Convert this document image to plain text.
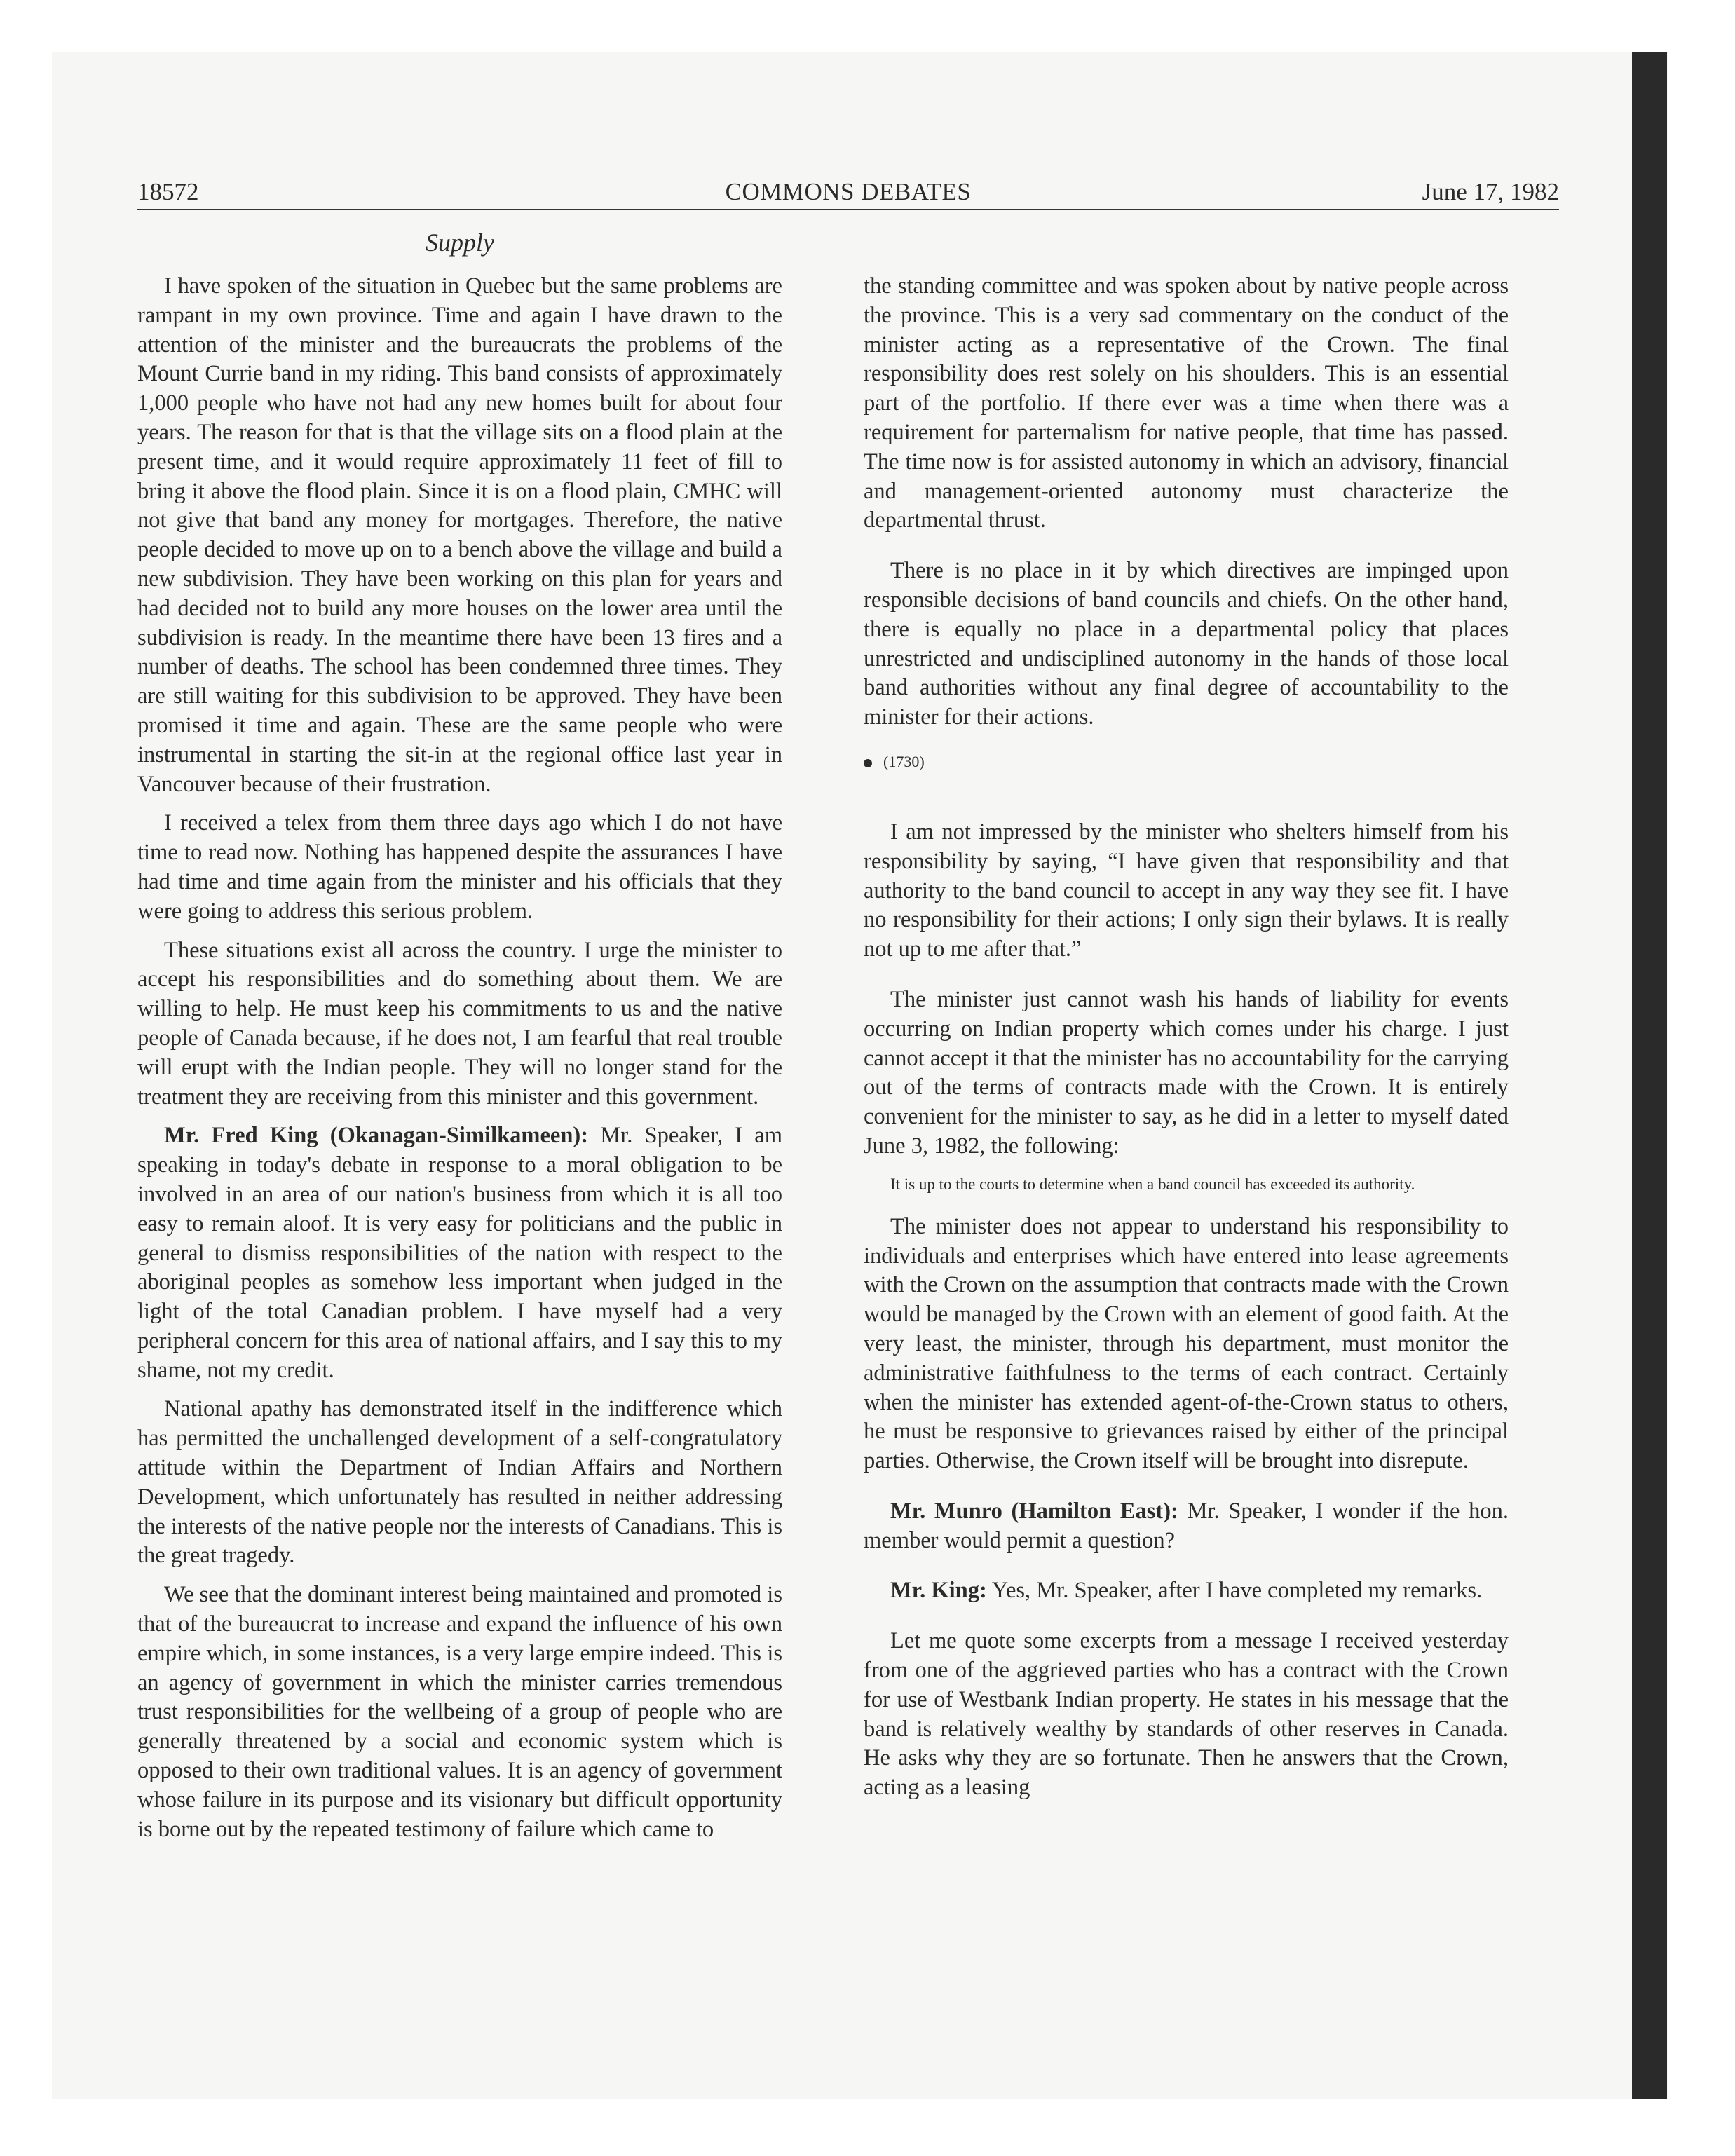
18572	COMMONS DEBATES	June 17, 1982
Supply

I have spoken of the situation in Quebec but the same problems are rampant in my own province. Time and again I have drawn to the attention of the minister and the bureaucrats the problems of the Mount Currie band in my riding. This band consists of approximately 1,000 people who have not had any new homes built for about four years. The reason for that is that the village sits on a flood plain at the present time, and it would require approximately 11 feet of fill to bring it above the flood plain. Since it is on a flood plain, CMHC will not give that band any money for mortgages. Therefore, the native people decided to move up on to a bench above the village and build a new subdivision. They have been working on this plan for years and had decided not to build any more houses on the lower area until the subdivision is ready. In the meantime there have been 13 fires and a number of deaths. The school has been condemned three times. They are still waiting for this subdivision to be approved. They have been promised it time and again. These are the same people who were instrumental in starting the sit-in at the regional office last year in Vancouver because of their frustration.

I received a telex from them three days ago which I do not have time to read now. Nothing has happened despite the assurances I have had time and time again from the minister and his officials that they were going to address this serious problem.

These situations exist all across the country. I urge the minister to accept his responsibilities and do something about them. We are willing to help. He must keep his commitments to us and the native people of Canada because, if he does not, I am fearful that real trouble will erupt with the Indian people. They will no longer stand for the treatment they are receiving from this minister and this government.

Mr. Fred King (Okanagan-Similkameen): Mr. Speaker, I am speaking in today's debate in response to a moral obligation to be involved in an area of our nation's business from which it is all too easy to remain aloof. It is very easy for politicians and the public in general to dismiss responsibilities of the nation with respect to the aboriginal peoples as somehow less important when judged in the light of the total Canadian problem. I have myself had a very peripheral concern for this area of national affairs, and I say this to my shame, not my credit.

National apathy has demonstrated itself in the indifference which has permitted the unchallenged development of a self-congratulatory attitude within the Department of Indian Affairs and Northern Development, which unfortunately has resulted in neither addressing the interests of the native people nor the interests of Canadians. This is the great tragedy.

We see that the dominant interest being maintained and promoted is that of the bureaucrat to increase and expand the influence of his own empire which, in some instances, is a very large empire indeed. This is an agency of government in which the minister carries tremendous trust responsibilities for the wellbeing of a group of people who are generally threatened by a social and economic system which is opposed to their own traditional values. It is an agency of government whose failure in its purpose and its visionary but difficult opportunity is borne out by the repeated testimony of failure which came to

the standing committee and was spoken about by native people across the province. This is a very sad commentary on the conduct of the minister acting as a representative of the Crown. The final responsibility does rest solely on his shoulders. This is an essential part of the portfolio. If there ever was a time when there was a requirement for parternalism for native people, that time has passed. The time now is for assisted autonomy in which an advisory, financial and management-oriented autonomy must characterize the departmental thrust.

There is no place in it by which directives are impinged upon responsible decisions of band councils and chiefs. On the other hand, there is equally no place in a departmental policy that places unrestricted and undisciplined autonomy in the hands of those local band authorities without any final degree of accountability to the minister for their actions.

(1730)

I am not impressed by the minister who shelters himself from his responsibility by saying, “I have given that responsibility and that authority to the band council to accept in any way they see fit. I have no responsibility for their actions; I only sign their bylaws. It is really not up to me after that.”

The minister just cannot wash his hands of liability for events occurring on Indian property which comes under his charge. I just cannot accept it that the minister has no accountability for the carrying out of the terms of contracts made with the Crown. It is entirely convenient for the minister to say, as he did in a letter to myself dated June 3, 1982, the following:

It is up to the courts to determine when a band council has exceeded its authority.

The minister does not appear to understand his responsibility to individuals and enterprises which have entered into lease agreements with the Crown on the assumption that contracts made with the Crown would be managed by the Crown with an element of good faith. At the very least, the minister, through his department, must monitor the administrative faithfulness to the terms of each contract. Certainly when the minister has extended agent-of-the-Crown status to others, he must be responsive to grievances raised by either of the principal parties. Otherwise, the Crown itself will be brought into disrepute.

Mr. Munro (Hamilton East): Mr. Speaker, I wonder if the hon. member would permit a question?

Mr. King: Yes, Mr. Speaker, after I have completed my remarks.

Let me quote some excerpts from a message I received yesterday from one of the aggrieved parties who has a contract with the Crown for use of Westbank Indian property. He states in his message that the band is relatively wealthy by standards of other reserves in Canada. He asks why they are so fortunate. Then he answers that the Crown, acting as a leasing
